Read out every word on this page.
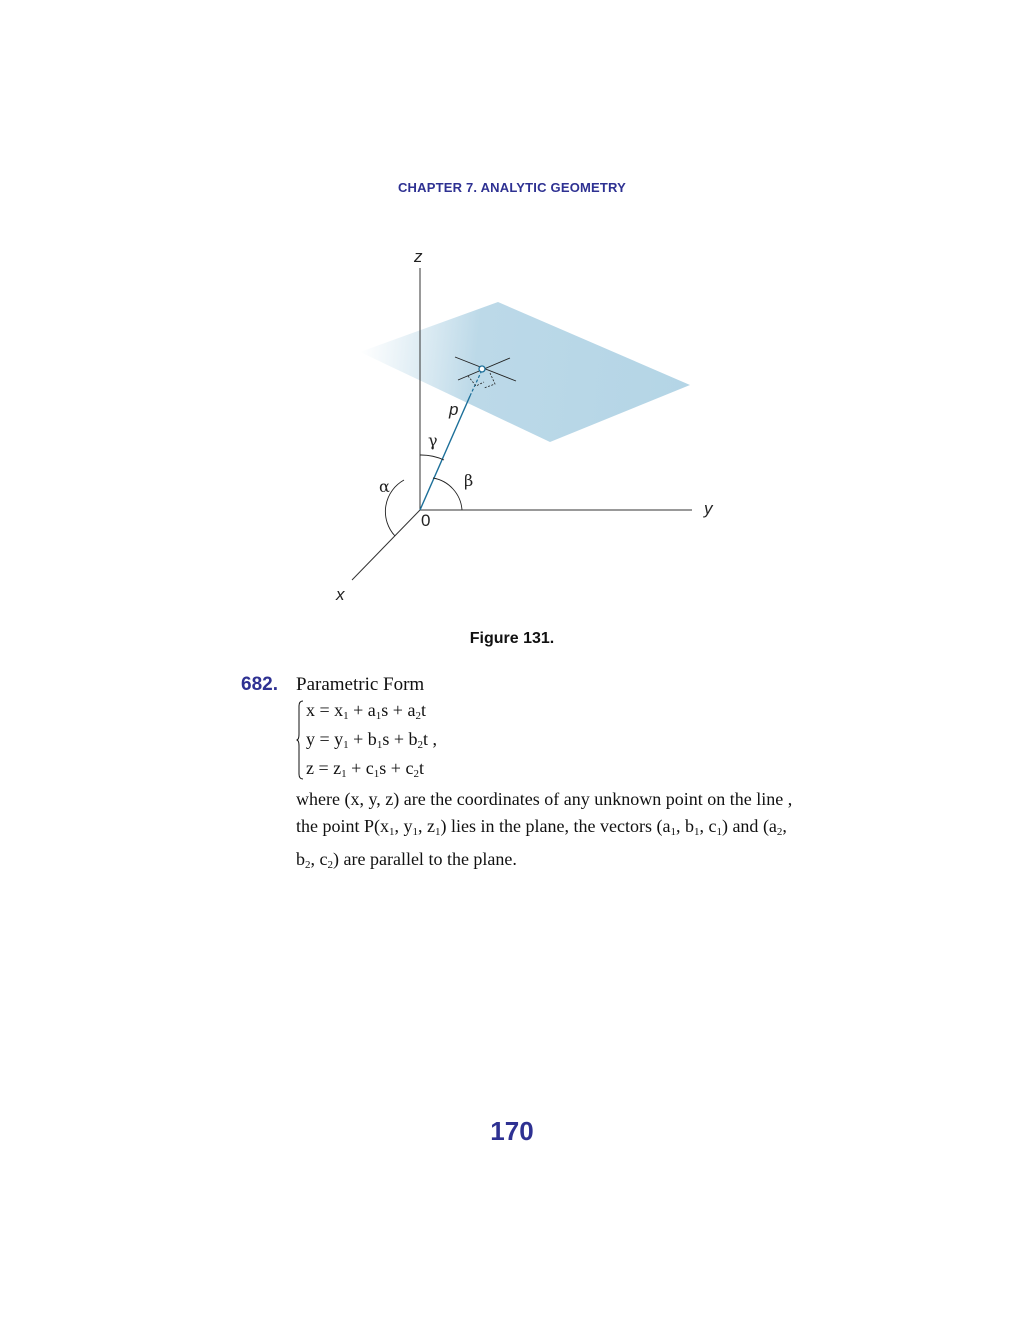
CHAPTER 7. ANALYTIC GEOMETRY
z
y
x
0
p
α	β
γ
Figure 131.
682. Parametric Form
$x = x_1 + a_1s + a_2t$
$y = y_1 + b_1s + b_2t$ ,
$z = z_1 + c_1s + c_2t$
where (x, y, z) are the coordinates of any unknown point on the line , the point $P(x_1$, $y_1$, $z_1$) lies in the plane, the vectors ($a_1$, $b_1$, $c_1$) and ($a_2$, $b_2$, $c_2$) are parallel to the plane.
170
